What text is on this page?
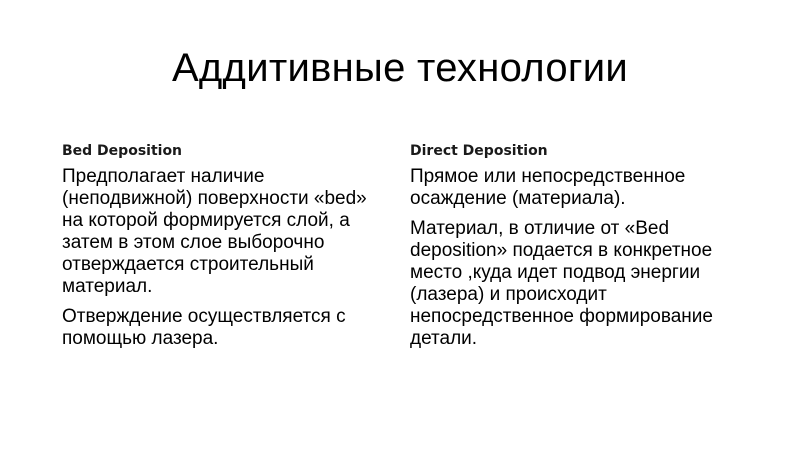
Аддитивные технологии
Bed Deposition

Предполагает наличие (неподвижной) поверхности «bed» на которой формируется слой, а затем в этом слое выборочно отверждается строительный материал.

Отверждение осуществляется с помощью лазера.

Direct Deposition

Прямое или непосредственное осаждение (материала).

Материал, в отличие от «Bed deposition» подается в конкретное место ,куда идет подвод энергии (лазера) и происходит непосредственное формирование детали.
